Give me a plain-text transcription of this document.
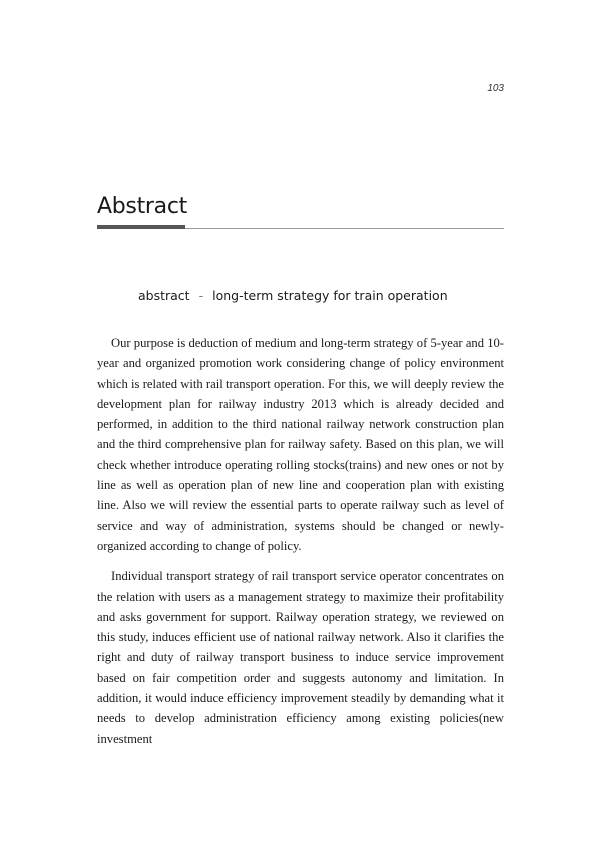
103
Abstract
abstract - long-term strategy for train operation

Our purpose is deduction of medium and long-term strategy of 5-year and 10-year and organized promotion work considering change of policy environment which is related with rail transport operation. For this, we will deeply review the development plan for railway industry 2013 which is already decided and performed, in addition to the third national railway network construction plan and the third comprehensive plan for railway safety. Based on this plan, we will check whether introduce operating rolling stocks(trains) and new ones or not by line as well as operation plan of new line and cooperation plan with existing line. Also we will review the essential parts to operate railway such as level of service and way of administration, systems should be changed or newly-organized according to change of policy.

Individual transport strategy of rail transport service operator concentrates on the relation with users as a management strategy to maximize their profitability and asks government for support. Railway operation strategy, we reviewed on this study, induces efficient use of national railway network. Also it clarifies the right and duty of railway transport business to induce service improvement based on fair competition order and suggests autonomy and limitation. In addition, it would induce efficiency improvement steadily by demanding what it needs to develop administration efficiency among existing policies(new investment
